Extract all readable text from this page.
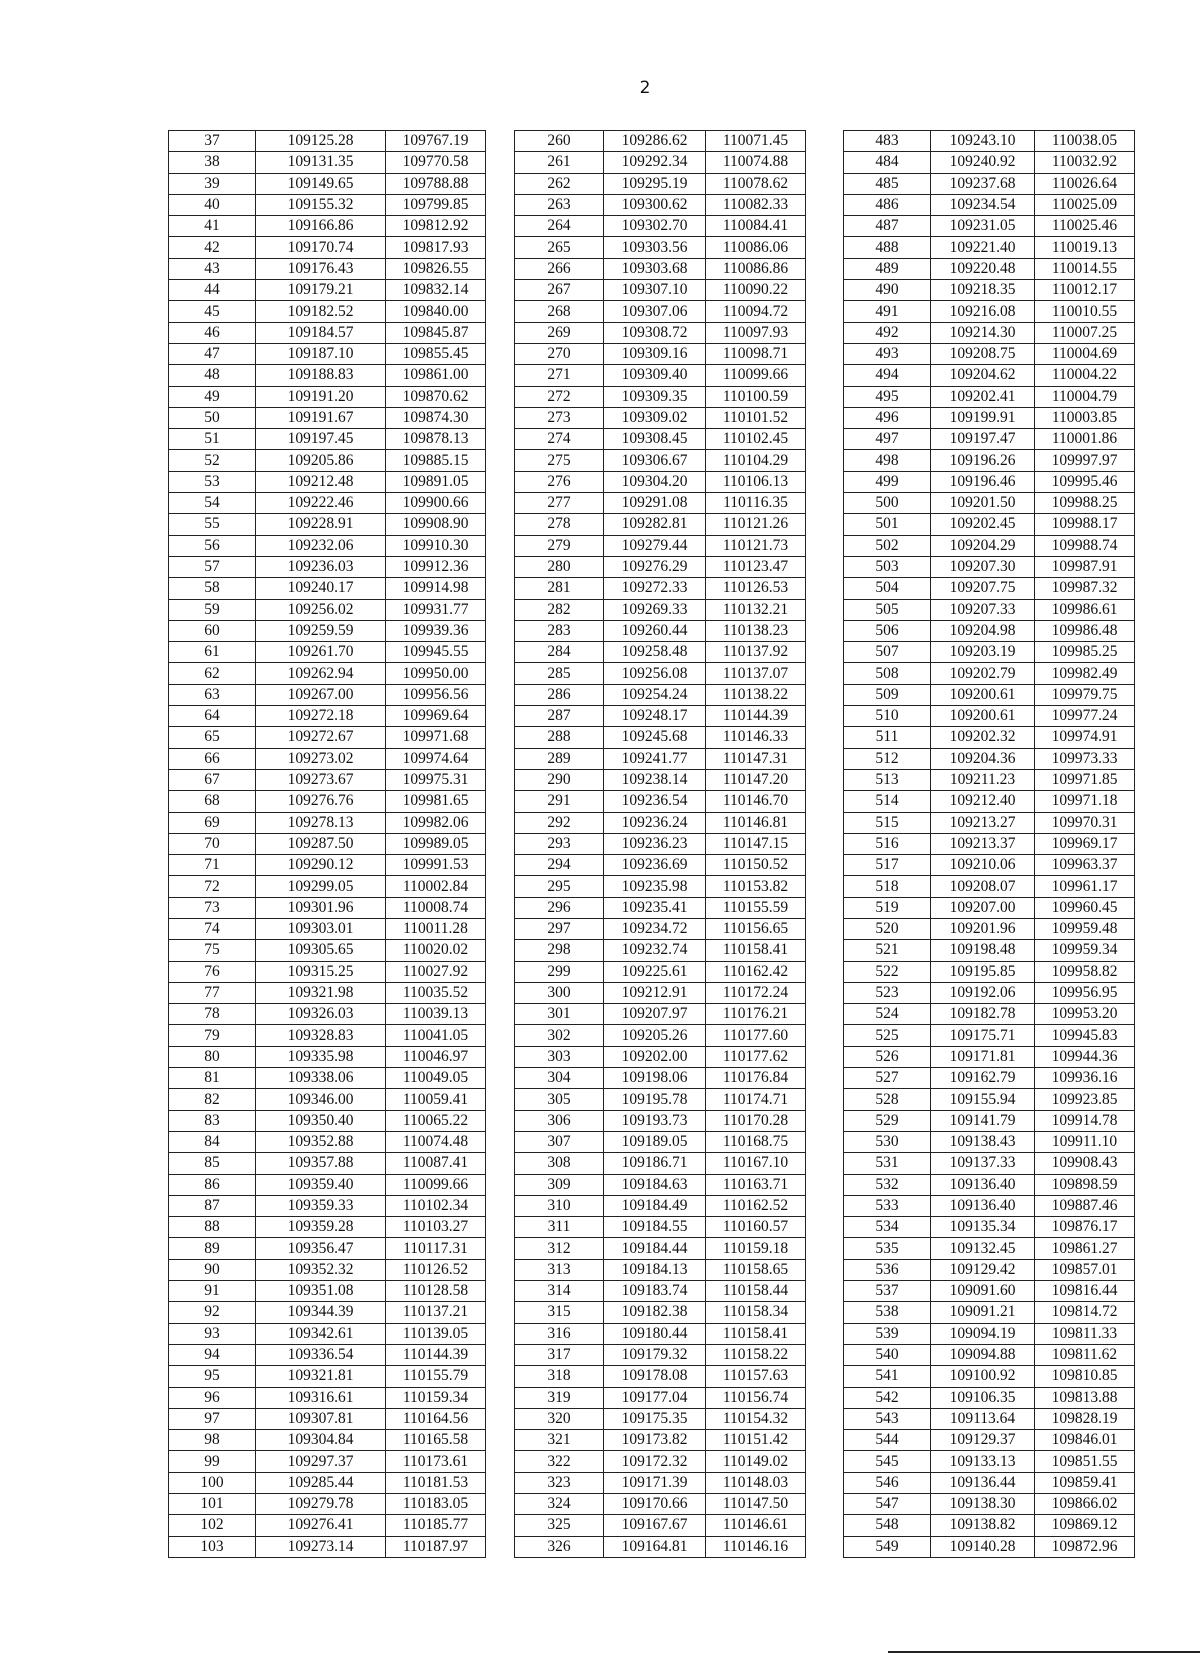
2
37	109125.28	109767.19
38	109131.35	109770.58
39	109149.65	109788.88
40	109155.32	109799.85
41	109166.86	109812.92
42	109170.74	109817.93
43	109176.43	109826.55
44	109179.21	109832.14
45	109182.52	109840.00
46	109184.57	109845.87
47	109187.10	109855.45
48	109188.83	109861.00
49	109191.20	109870.62
50	109191.67	109874.30
51	109197.45	109878.13
52	109205.86	109885.15
53	109212.48	109891.05
54	109222.46	109900.66
55	109228.91	109908.90
56	109232.06	109910.30
57	109236.03	109912.36
58	109240.17	109914.98
59	109256.02	109931.77
60	109259.59	109939.36
61	109261.70	109945.55
62	109262.94	109950.00
63	109267.00	109956.56
64	109272.18	109969.64
65	109272.67	109971.68
66	109273.02	109974.64
67	109273.67	109975.31
68	109276.76	109981.65
69	109278.13	109982.06
70	109287.50	109989.05
71	109290.12	109991.53
72	109299.05	110002.84
73	109301.96	110008.74
74	109303.01	110011.28
75	109305.65	110020.02
76	109315.25	110027.92
77	109321.98	110035.52
78	109326.03	110039.13
79	109328.83	110041.05
80	109335.98	110046.97
81	109338.06	110049.05
82	109346.00	110059.41
83	109350.40	110065.22
84	109352.88	110074.48
85	109357.88	110087.41
86	109359.40	110099.66
87	109359.33	110102.34
88	109359.28	110103.27
89	109356.47	110117.31
90	109352.32	110126.52
91	109351.08	110128.58
92	109344.39	110137.21
93	109342.61	110139.05
94	109336.54	110144.39
95	109321.81	110155.79
96	109316.61	110159.34
97	109307.81	110164.56
98	109304.84	110165.58
99	109297.37	110173.61
100	109285.44	110181.53
101	109279.78	110183.05
102	109276.41	110185.77
103	109273.14	110187.97
260	109286.62	110071.45
261	109292.34	110074.88
262	109295.19	110078.62
263	109300.62	110082.33
264	109302.70	110084.41
265	109303.56	110086.06
266	109303.68	110086.86
267	109307.10	110090.22
268	109307.06	110094.72
269	109308.72	110097.93
270	109309.16	110098.71
271	109309.40	110099.66
272	109309.35	110100.59
273	109309.02	110101.52
274	109308.45	110102.45
275	109306.67	110104.29
276	109304.20	110106.13
277	109291.08	110116.35
278	109282.81	110121.26
279	109279.44	110121.73
280	109276.29	110123.47
281	109272.33	110126.53
282	109269.33	110132.21
283	109260.44	110138.23
284	109258.48	110137.92
285	109256.08	110137.07
286	109254.24	110138.22
287	109248.17	110144.39
288	109245.68	110146.33
289	109241.77	110147.31
290	109238.14	110147.20
291	109236.54	110146.70
292	109236.24	110146.81
293	109236.23	110147.15
294	109236.69	110150.52
295	109235.98	110153.82
296	109235.41	110155.59
297	109234.72	110156.65
298	109232.74	110158.41
299	109225.61	110162.42
300	109212.91	110172.24
301	109207.97	110176.21
302	109205.26	110177.60
303	109202.00	110177.62
304	109198.06	110176.84
305	109195.78	110174.71
306	109193.73	110170.28
307	109189.05	110168.75
308	109186.71	110167.10
309	109184.63	110163.71
310	109184.49	110162.52
311	109184.55	110160.57
312	109184.44	110159.18
313	109184.13	110158.65
314	109183.74	110158.44
315	109182.38	110158.34
316	109180.44	110158.41
317	109179.32	110158.22
318	109178.08	110157.63
319	109177.04	110156.74
320	109175.35	110154.32
321	109173.82	110151.42
322	109172.32	110149.02
323	109171.39	110148.03
324	109170.66	110147.50
325	109167.67	110146.61
326	109164.81	110146.16
483	109243.10	110038.05
484	109240.92	110032.92
485	109237.68	110026.64
486	109234.54	110025.09
487	109231.05	110025.46
488	109221.40	110019.13
489	109220.48	110014.55
490	109218.35	110012.17
491	109216.08	110010.55
492	109214.30	110007.25
493	109208.75	110004.69
494	109204.62	110004.22
495	109202.41	110004.79
496	109199.91	110003.85
497	109197.47	110001.86
498	109196.26	109997.97
499	109196.46	109995.46
500	109201.50	109988.25
501	109202.45	109988.17
502	109204.29	109988.74
503	109207.30	109987.91
504	109207.75	109987.32
505	109207.33	109986.61
506	109204.98	109986.48
507	109203.19	109985.25
508	109202.79	109982.49
509	109200.61	109979.75
510	109200.61	109977.24
511	109202.32	109974.91
512	109204.36	109973.33
513	109211.23	109971.85
514	109212.40	109971.18
515	109213.27	109970.31
516	109213.37	109969.17
517	109210.06	109963.37
518	109208.07	109961.17
519	109207.00	109960.45
520	109201.96	109959.48
521	109198.48	109959.34
522	109195.85	109958.82
523	109192.06	109956.95
524	109182.78	109953.20
525	109175.71	109945.83
526	109171.81	109944.36
527	109162.79	109936.16
528	109155.94	109923.85
529	109141.79	109914.78
530	109138.43	109911.10
531	109137.33	109908.43
532	109136.40	109898.59
533	109136.40	109887.46
534	109135.34	109876.17
535	109132.45	109861.27
536	109129.42	109857.01
537	109091.60	109816.44
538	109091.21	109814.72
539	109094.19	109811.33
540	109094.88	109811.62
541	109100.92	109810.85
542	109106.35	109813.88
543	109113.64	109828.19
544	109129.37	109846.01
545	109133.13	109851.55
546	109136.44	109859.41
547	109138.30	109866.02
548	109138.82	109869.12
549	109140.28	109872.96
